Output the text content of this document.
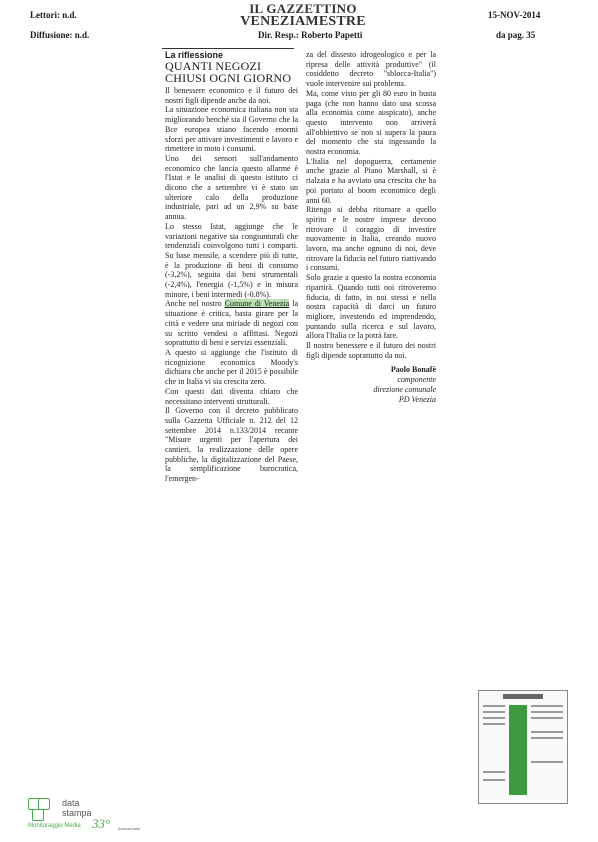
Lettori: n.d.
Diffusione: n.d.
IL GAZZETTINO
VENEZIAMESTRE
Dir. Resp.: Roberto Papetti
15-NOV-2014
da pag. 35
La riflessione
QUANTI NEGOZI CHIUSI OGNI GIORNO

Il benessere economico e il futuro dei nostri figli dipende anche da noi.

La situazione economica italiana non sta migliorando benché sia il Governo che la Bce europea stiano facendo enormi sforzi per attivare investimenti e lavoro e rimettere in moto i consumi.

Uno dei sensori sull'andamento economico che lancia questo allarme è l'Istat e le analisi di questo istituto ci dicono che a settembre vi è stato un ulteriore calo della produzione industriale, pari ad un 2,9% su base annua.

Lo stesso Istat, aggiunge che le variazioni negative sia congiunturali che tendenziali coinvolgono tutti i comparti. Su base mensile, a scendere più di tutte, è la produzione di beni di consumo (-3,2%), seguita dai beni strumentali (-2,4%), l'energia (-1,5%) e in misura minore, i beni intermedi (-0.8%).

Anche nel nostro Comune di Venezia la situazione è critica, basta girare per la città e vedere una miriade di negozi con su scritto vendesi o affittasi. Negozi soprattutto di beni e servizi essenziali.

A questo si aggiunge che l'istituto di ricognizione economica Moody's dichiara che anche per il 2015 è possibile che in Italia vi sia crescita zero.

Con questi dati diventa chiaro che necessitano interventi strutturali.

Il Governo con il decreto pubblicato sulla Gazzetta Ufficiale n. 212 del 12 settembre 2014 n.133/2014 recante "Misure urgenti per l'apertura dei cantieri, la realizzazione delle opere pubbliche, la digitalizzazione del Paese, la semplificazione burocratica, l'emergen-

za del dissesto idrogeologico e per la ripresa delle attività produttive" (il cosiddetto decreto "sblocca-Italia") vuole intervenire sui problema.

Ma, come visto per gli 80 euro in busta paga (che non hanno dato una scossa alla economia come auspicato), anche questo intervento non arriverà all'obbiettivo se non si supera la paura del momento che sta ingessando la nostra economia.

L'Italia nel dopoguerra, certamente anche grazie al Piano Marshall, si è rialzata e ha avviato una crescita che ha poi portato al boom economico degli anni 60.

Ritengo si debba ritornare a quello spirito e le nostre imprese devono ritrovare il coraggio di investire nuovamente in Italia, creando nuovo lavoro, ma anche ognuno di noi, deve ritrovare la fiducia nel futuro riattivando i consumi.

Solo grazie a questo la nostra economia ripartirà. Quando tutti noi ritroveremo fiducia, di fatto, in noi stessi e nella nostra capacità di darci un futuro migliore, investendo ed imprendendo, puntando sulla ricerca e sul lavoro, allora l'Italia ce la potrà fare.

Il nostro benessere e il futuro dei nostri figli dipende soprattutto da noi.

Paolo Bonafè
componente
direzione comunale
PD Venezia
data
stampa
Monitoraggio Media 33° Anniversario
